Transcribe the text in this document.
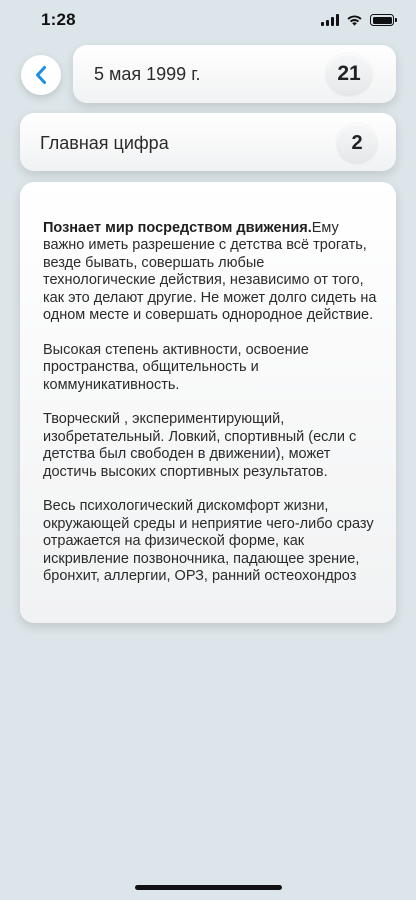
1:28
5 мая 1999 г.	21
Главная цифра	2

Познает мир посредством движения.Ему важно иметь разрешение с детства всё трогать, везде бывать, совершать любые технологические действия, независимо от того, как это делают другие. Не может долго сидеть на одном месте и совершать однородное действие.

Высокая степень активности, освоение пространства, общительность и коммуникативность.

Творческий , экспериментирующий, изобретательный. Ловкий, спортивный (если с детства был свободен в движении), может достичь высоких спортивных результатов.

Весь психологический дискомфорт жизни, окружающей среды и неприятие чего-либо сразу отражается на физической форме, как искривление позвоночника, падающее зрение, бронхит, аллергии, ОРЗ, ранний остеохондроз
